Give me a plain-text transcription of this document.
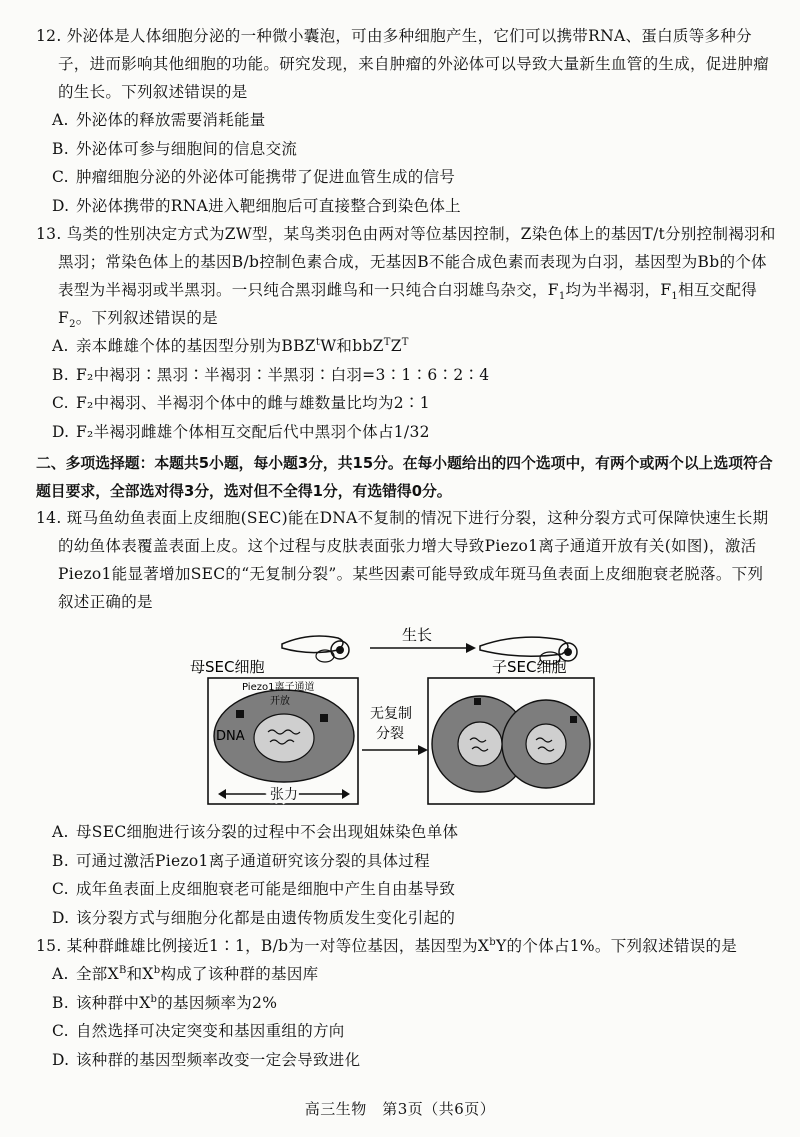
12. 外泌体是人体细胞分泌的一种微小囊泡，可由多种细胞产生，它们可以携带RNA、蛋白质等多种分子，进而影响其他细胞的功能。研究发现，来自肿瘤的外泌体可以导致大量新生血管的生成，促进肿瘤的生长。下列叙述错误的是

A. 外泌体的释放需要消耗能量

B. 外泌体可参与细胞间的信息交流

C. 肿瘤细胞分泌的外泌体可能携带了促进血管生成的信号

D. 外泌体携带的RNA进入靶细胞后可直接整合到染色体上

13. 鸟类的性别决定方式为ZW型，某鸟类羽色由两对等位基因控制，Z染色体上的基因T/t分别控制褐羽和黑羽；常染色体上的基因B/b控制色素合成，无基因B不能合成色素而表现为白羽，基因型为Bb的个体表型为半褐羽或半黑羽。一只纯合黑羽雌鸟和一只纯合白羽雄鸟杂交，$F_1$均为半褐羽，$F_1$相互交配得$F_2$。下列叙述错误的是

A. 亲本雌雄个体的基因型分别为BBZ$^t$W和$bbZ^TZ^T$

B. F₂中褐羽∶黑羽∶半褐羽∶半黑羽∶白羽=3∶1∶6∶2∶4

C. F₂中褐羽、半褐羽个体中的雌与雄数量比均为2∶1

D. F₂半褐羽雌雄个体相互交配后代中黑羽个体占1/32

二、多项选择题：本题共5小题，每小题3分，共15分。在每小题给出的四个选项中，有两个或两个以上选项符合题目要求，全部选对得3分，选对但不全得1分，有选错得0分。

14. 斑马鱼幼鱼表面上皮细胞(SEC)能在DNA不复制的情况下进行分裂，这种分裂方式可保障快速生长期的幼鱼体表覆盖表面上皮。这个过程与皮肤表面张力增大导致Piezo1离子通道开放有关(如图)，激活Piezo1能显著增加SEC的“无复制分裂”。某些因素可能导致成年斑马鱼表面上皮细胞衰老脱落。下列叙述正确的是

生长
母SEC细胞	子SEC细胞
Piezo1离子通道
开放
DNA
张力
无复制
分裂

A. 母SEC细胞进行该分裂的过程中不会出现姐妹染色单体

B. 可通过激活Piezo1离子通道研究该分裂的具体过程

C. 成年鱼表面上皮细胞衰老可能是细胞中产生自由基导致

D. 该分裂方式与细胞分化都是由遗传物质发生变化引起的

15. 某种群雌雄比例接近1∶1，B/b为一对等位基因，基因型为$X^bY$的个体占1%。下列叙述错误的是

A. 全部$X^B$和$X^b$构成了该种群的基因库

B. 该种群中$X^b$的基因频率为2%

C. 自然选择可决定突变和基因重组的方向

D. 该种群的基因型频率改变一定会导致进化

高三生物　第3页（共6页）
